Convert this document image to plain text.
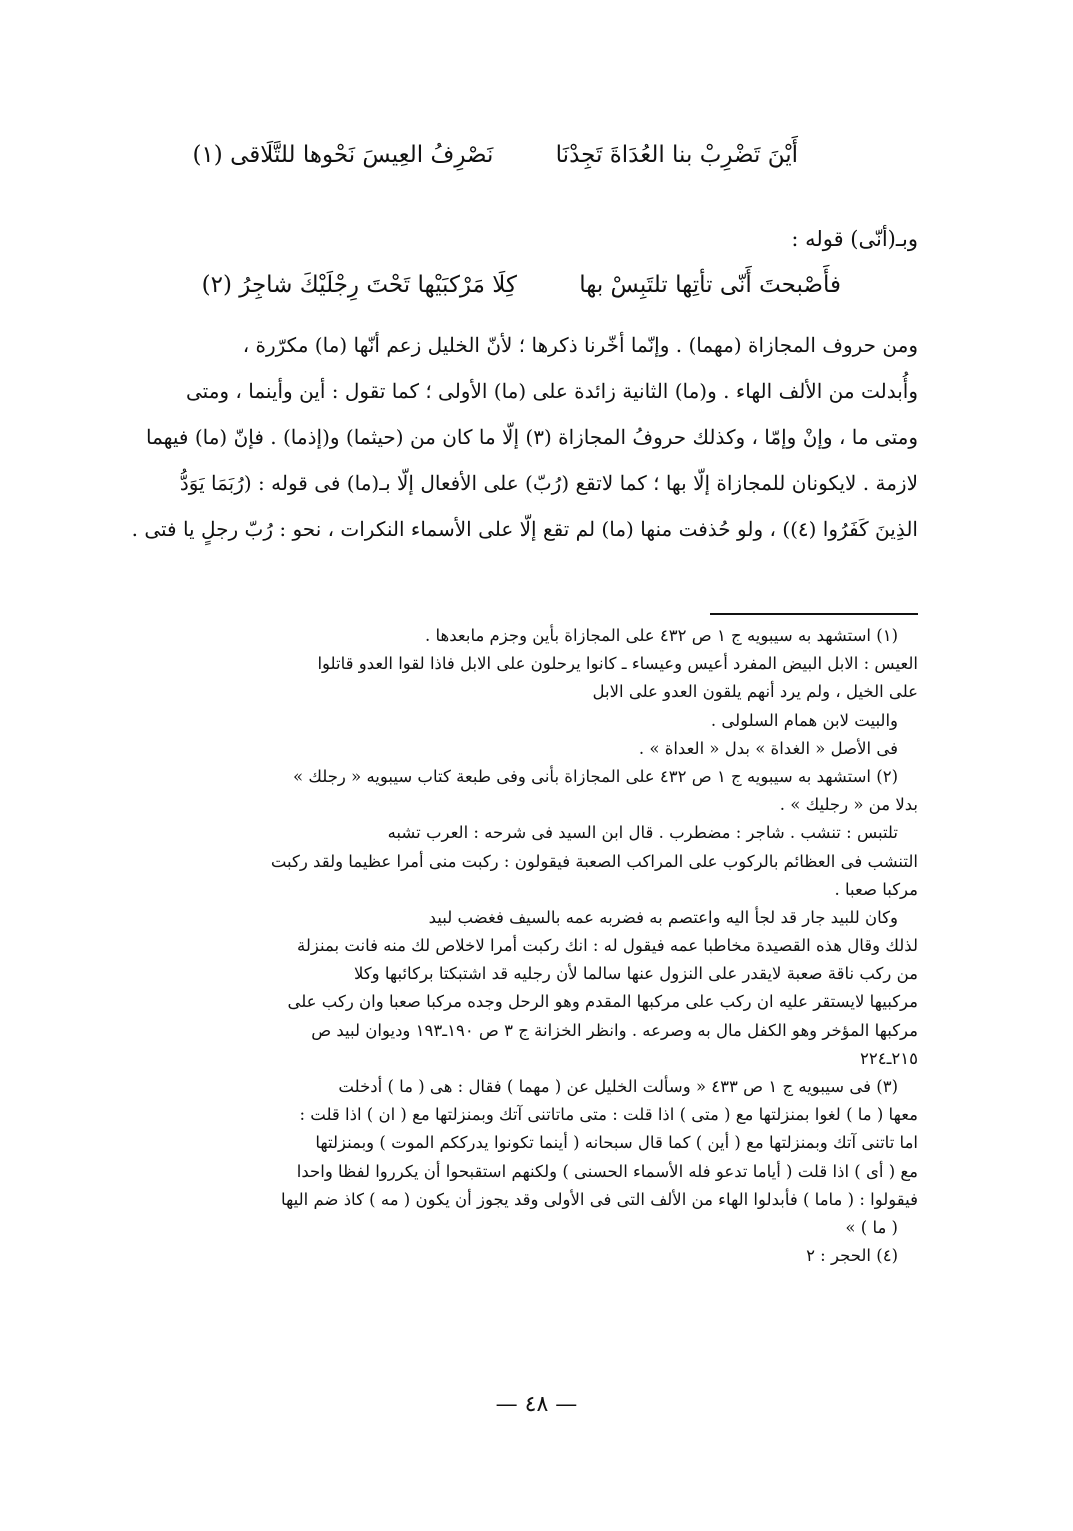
أَيْنَ تَضْرِبْ بنا العُدَاةَ تَجِدْنَا نَصْرِفُ العِيسَ نَحْوها للتَّلَاقى (١)
وبـ(أنّى) قوله :
فأَصْبحتَ أَنّى تأتِها تلتَبِسْ بها كِلَا مَرْكبَيْها تَحْتَ رِجْلَيْكَ شاجِرُ (٢)
ومن حروف المجازاة (مهما) . وإنّما أخّرنا ذكرها ؛ لأنّ الخليل زعم أنّها (ما) مكرّرة ،
وأُبدلت من الألف الهاء . و(ما) الثانية زائدة على (ما) الأولى ؛ كما تقول : أين وأينما ، ومتى
ومتى ما ، وإنْ وإمّا ، وكذلك حروفُ المجازاة (٣) إلّا ما كان من (حيثما) و(إذما) . فإنّ (ما) فيهما
لازمة . لايكونان للمجازاة إلّا بها ؛ كما لاتقع (رُبّ) على الأفعال إلّا بـ(ما) فى قوله : (رُبَمَا يَوَدُّ
الذِينَ كَفَرُوا (٤)) ، ولو حُذفت منها (ما) لم تقع إلّا على الأسماء النكرات ، نحو : رُبّ رجلٍ يا فتى .
(١) استشهد به سيبويه ج ١ ص ٤٣٢ على المجازاة بأين وجزم مابعدها .
العيس : الابل البيض المفرد أعيس وعيساء ـ كانوا يرحلون على الابل فاذا لقوا العدو قاتلوا
على الخيل ، ولم يرد أنهم يلقون العدو على الابل
والبيت لابن همام السلولى .
فى الأصل « الغداة » بدل « العداة » .
(٢) استشهد به سيبويه ج ١ ص ٤٣٢ على المجازاة بأنى وفى طبعة كتاب سيبويه « رجلك »
بدلا من « رجليك » .
تلتبس : تنشب . شاجر : مضطرب . قال ابن السيد فى شرحه : العرب تشبه
التنشب فى العظائم بالركوب على المراكب الصعبة فيقولون : ركبت منى أمرا عظيما ولقد ركبت
مركبا صعبا .
وكان للبيد جار قد لجأ اليه واعتصم به فضربه عمه بالسيف فغضب لبيد
لذلك وقال هذه القصيدة مخاطبا عمه فيقول له : انك ركبت أمرا لاخلاص لك منه فانت بمنزلة
من ركب ناقة صعبة لايقدر على النزول عنها سالما لأن رجليه قد اشتبكتا بركائبها وكلا
مركبيها لايستقر عليه ان ركب على مركبها المقدم وهو الرحل وجده مركبا صعبا وان ركب على
مركبها المؤخر وهو الكفل مال به وصرعه . وانظر الخزانة ج ٣ ص ١٩٠ـ١٩٣ وديوان لبيد ص
٢١٥ـ٢٢٤
(٣) فى سيبويه ج ١ ص ٤٣٣ « وسألت الخليل عن ( مهما ) فقال : هى ( ما ) أدخلت
معها ( ما ) لغوا بمنزلتها مع ( متى ) اذا قلت : متى ماتاتنى آتك وبمنزلتها مع ( ان ) اذا قلت :
اما تاتنى آتك وبمنزلتها مع ( أين ) كما قال سبحانه ( أينما تكونوا يدرككم الموت ) وبمنزلتها
مع ( أى ) اذا قلت ( أياما تدعو فله الأسماء الحسنى ) ولكنهم استقبحوا أن يكرروا لفظا واحدا
فيقولوا : ( ماما ) فأبدلوا الهاء من الألف التى فى الأولى وقد يجوز أن يكون ( مه ) كاذ ضم اليها
( ما ) »
(٤) الحجر : ٢
— ٤٨ —
